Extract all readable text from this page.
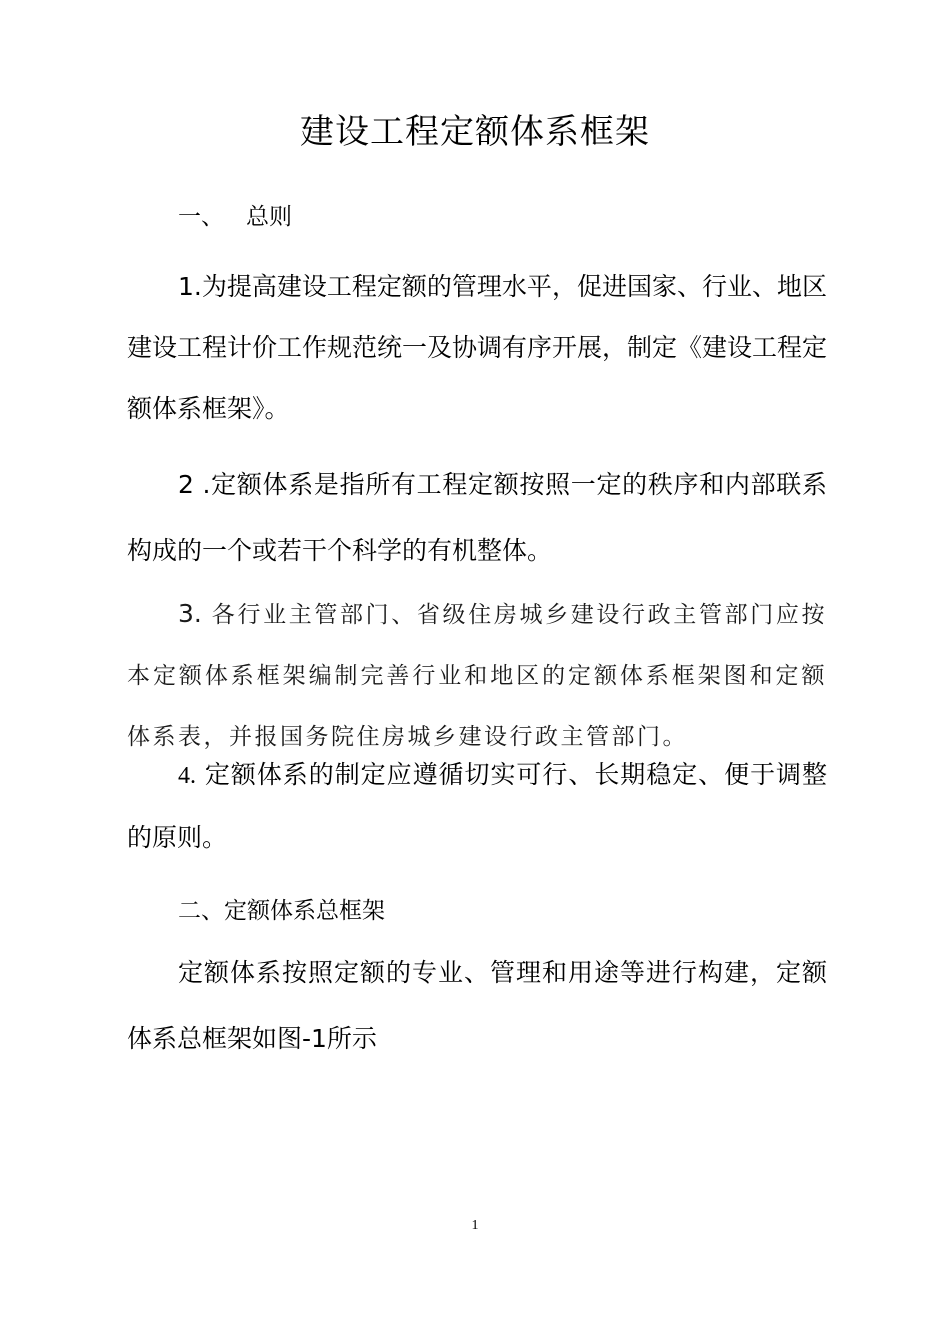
建设工程定额体系框架
一、 总则

1.为提高建设工程定额的管理水平，促进国家、行业、地区建设工程计价工作规范统一及协调有序开展，制定《建设工程定额体系框架》。

2 .定额体系是指所有工程定额按照一定的秩序和内部联系构成的一个或若干个科学的有机整体。

3. 各行业主管部门、省级住房城乡建设行政主管部门应按本定额体系框架编制完善行业和地区的定额体系框架图和定额体系表，并报国务院住房城乡建设行政主管部门。

4. 定额体系的制定应遵循切实可行、长期稳定、便于调整的原则。

二、定额体系总框架

定额体系按照定额的专业、管理和用途等进行构建，定额体系总框架如图-1所示

1
